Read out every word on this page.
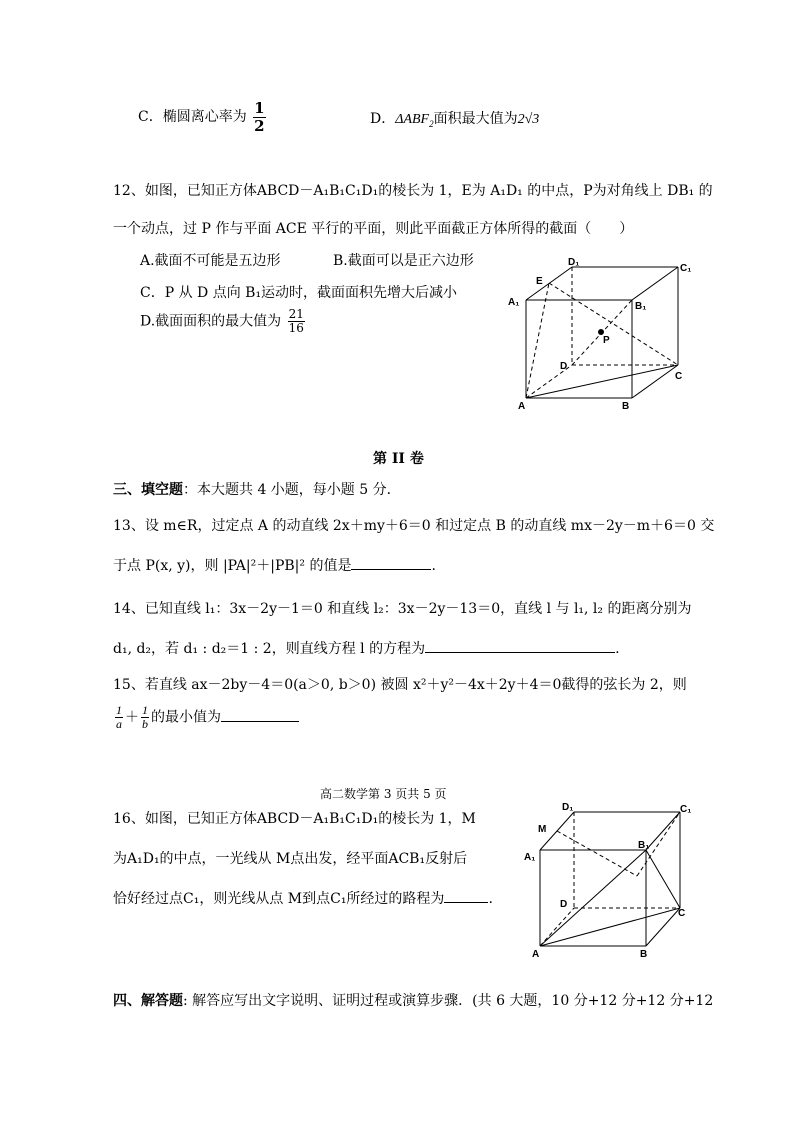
C．椭圆离心率为 $\frac{1}{2}$	D．$\Delta ABF_2$面积最大值为2√3
12、如图，已知正方体ABCD－A₁B₁C₁D₁的棱长为 1，E为 A₁D₁ 的中点，P为对角线上 DB₁ 的
一个动点，过 P 作与平面 ACE 平行的平面，则此平面截正方体所得的截面（　　）
A.截面不可能是五边形	B.截面可以是正六边形
C．P 从 D 点向 B₁运动时，截面面积先增大后减小
D.截面面积的最大值为 $\frac{21}{16}$
D₁
C₁
E
A₁	B₁
P
D
C
A	B
第 II 卷
三、填空题：本大题共 4 小题，每小题 5 分．
13、设 m∈R，过定点 A 的动直线 2x＋my＋6＝0 和过定点 B 的动直线 mx－2y－m＋6＝0 交
于点 P(x, y)，则 |PA|²＋|PB|² 的值是	.
14、已知直线 l₁：3x－2y－1＝0 和直线 l₂：3x－2y－13＝0，直线 l 与 l₁, l₂ 的距离分别为
d₁, d₂，若 d₁ : d₂＝1 : 2，则直线方程 l 的方程为	.
15、若直线 ax－2by－4＝0(a＞0, b＞0) 被圆 x²＋y²－4x＋2y＋4＝0截得的弦长为 2，则
$\frac{1}{a} + \frac{1}{b}$ 的最小值为
高二数学第 3 页共 5 页
16、如图，已知正方体ABCD－A₁B₁C₁D₁的棱长为 1，M
为A₁D₁的中点，一光线从 M点出发，经平面ACB₁反射后
恰好经过点C₁，则光线从点 M到点C₁所经过的路程为	.
D₁	C₁
M
A₁
B₁
D
C
A	B
四、解答题: 解答应写出文字说明、证明过程或演算步骤．(共 6 大题，10 分+12 分+12 分+12
